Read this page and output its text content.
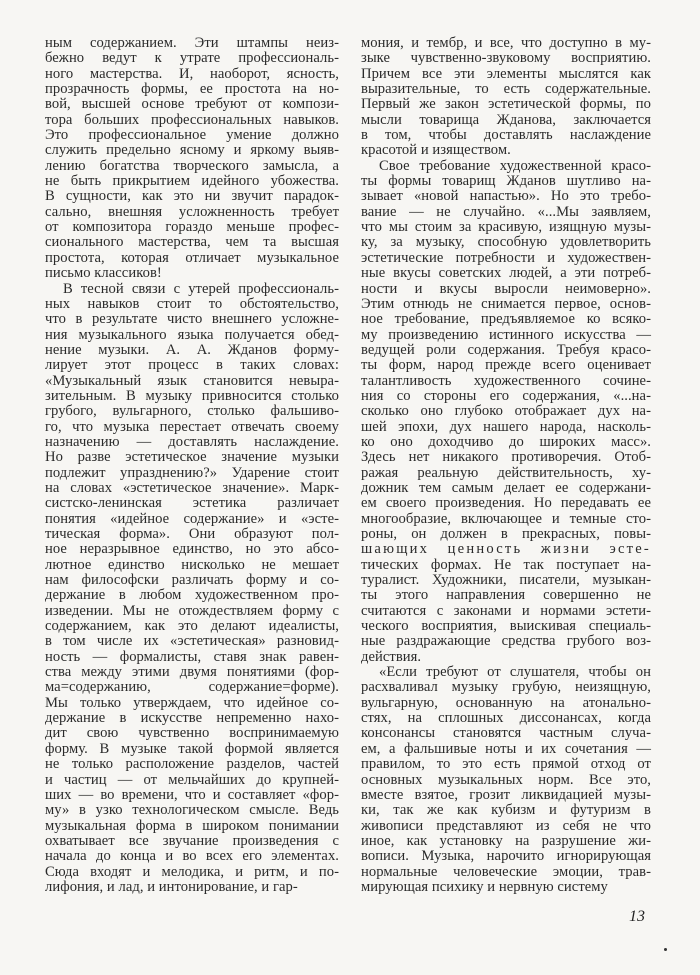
ным содержанием. Эти штампы неиз-
бежно ведут к утрате профессиональ-
ного мастерства. И, наоборот, ясность,
прозрачность формы, ее простота на но-
вой, высшей основе требуют от компози-
тора больших профессиональных навыков.
Это профессиональное умение должно
служить предельно ясному и яркому выяв-
лению богатства творческого замысла, а
не быть прикрытием идейного убожества.
В сущности, как это ни звучит парадок-
сально, внешняя усложненность требует
от композитора гораздо меньше профес-
сионального мастерства, чем та высшая
простота, которая отличает музыкальное
письмо классиков!
В тесной связи с утерей профессиональ-
ных навыков стоит то обстоятельство,
что в результате чисто внешнего усложне-
ния музыкального языка получается обед-
нение музыки. А. А. Жданов форму-
лирует этот процесс в таких словах:
«Музыкальный язык становится невыра-
зительным. В музыку привносится столько
грубого, вульгарного, столько фальшиво-
го, что музыка перестает отвечать своему
назначению — доставлять наслаждение.
Но разве эстетическое значение музыки
подлежит упразднению?» Ударение стоит
на словах «эстетическое значение». Марк-
систско-ленинская эстетика различает
понятия «идейное содержание» и «эсте-
тическая форма». Они образуют пол-
ное неразрывное единство, но это абсо-
лютное единство нисколько не мешает
нам философски различать форму и со-
держание в любом художественном про-
изведении. Мы не отождествляем форму с
содержанием, как это делают идеалисты,
в том числе их «эстетическая» разновид-
ность — формалисты, ставя знак равен-
ства между этими двумя понятиями (фор-
ма=содержанию, содержание=форме).
Мы только утверждаем, что идейное со-
держание в искусстве непременно нахо-
дит свою чувственно воспринимаемую
форму. В музыке такой формой является
не только расположение разделов, частей
и частиц — от мельчайших до крупней-
ших — во времени, что и составляет «фор-
му» в узко технологическом смысле. Ведь
музыкальная форма в широком понимании
охватывает все звучание произведения с
начала до конца и во всех его элементах.
Сюда входят и мелодика, и ритм, и по-
лифония, и лад, и интонирование, и гар-
мония, и тембр, и все, что доступно в му-
зыке чувственно-звуковому восприятию.
Причем все эти элементы мыслятся как
выразительные, то есть содержательные.
Первый же закон эстетической формы, по
мысли товарища Жданова, заключается
в том, чтобы доставлять наслаждение
красотой и изяществом.
Свое требование художественной красо-
ты формы товарищ Жданов шутливо на-
зывает «новой напастью». Но это требо-
вание — не случайно. «...Мы заявляем,
что мы стоим за красивую, изящную музы-
ку, за музыку, способную удовлетворить
эстетические потребности и художествен-
ные вкусы советских людей, а эти потреб-
ности и вкусы выросли неимоверно».
Этим отнюдь не снимается первое, основ-
ное требование, предъявляемое ко всяко-
му произведению истинного искусства —
ведущей роли содержания. Требуя красо-
ты форм, народ прежде всего оценивает
талантливость художественного сочине-
ния со стороны его содержания, «...на-
сколько оно глубоко отображает дух на-
шей эпохи, дух нашего народа, насколь-
ко оно доходчиво до широких масс».
Здесь нет никакого противоречия. Отоб-
ражая реальную действительность, ху-
дожник тем самым делает ее содержани-
ем своего произведения. Но передавать ее
многообразие, включающее и темные сто-
роны, он должен в прекрасных, повы-
шающих ценность жизни эсте-
тических формах. Не так поступает на-
туралист. Художники, писатели, музыкан-
ты этого направления совершенно не
считаются с законами и нормами эстети-
ческого восприятия, выискивая специаль-
ные раздражающие средства грубого воз-
действия.
«Если требуют от слушателя, чтобы он
расхваливал музыку грубую, неизящную,
вульгарную, основанную на атонально-
стях, на сплошных диссонансах, когда
консонансы становятся частным случа-
ем, а фальшивые ноты и их сочетания —
правилом, то это есть прямой отход от
основных музыкальных норм. Все это,
вместе взятое, грозит ликвидацией музы-
ки, так же как кубизм и футуризм в
живописи представляют из себя не что
иное, как установку на разрушение жи-
вописи. Музыка, нарочито игнорирующая
нормальные человеческие эмоции, трав-
мирующая психику и нервную систему
13
